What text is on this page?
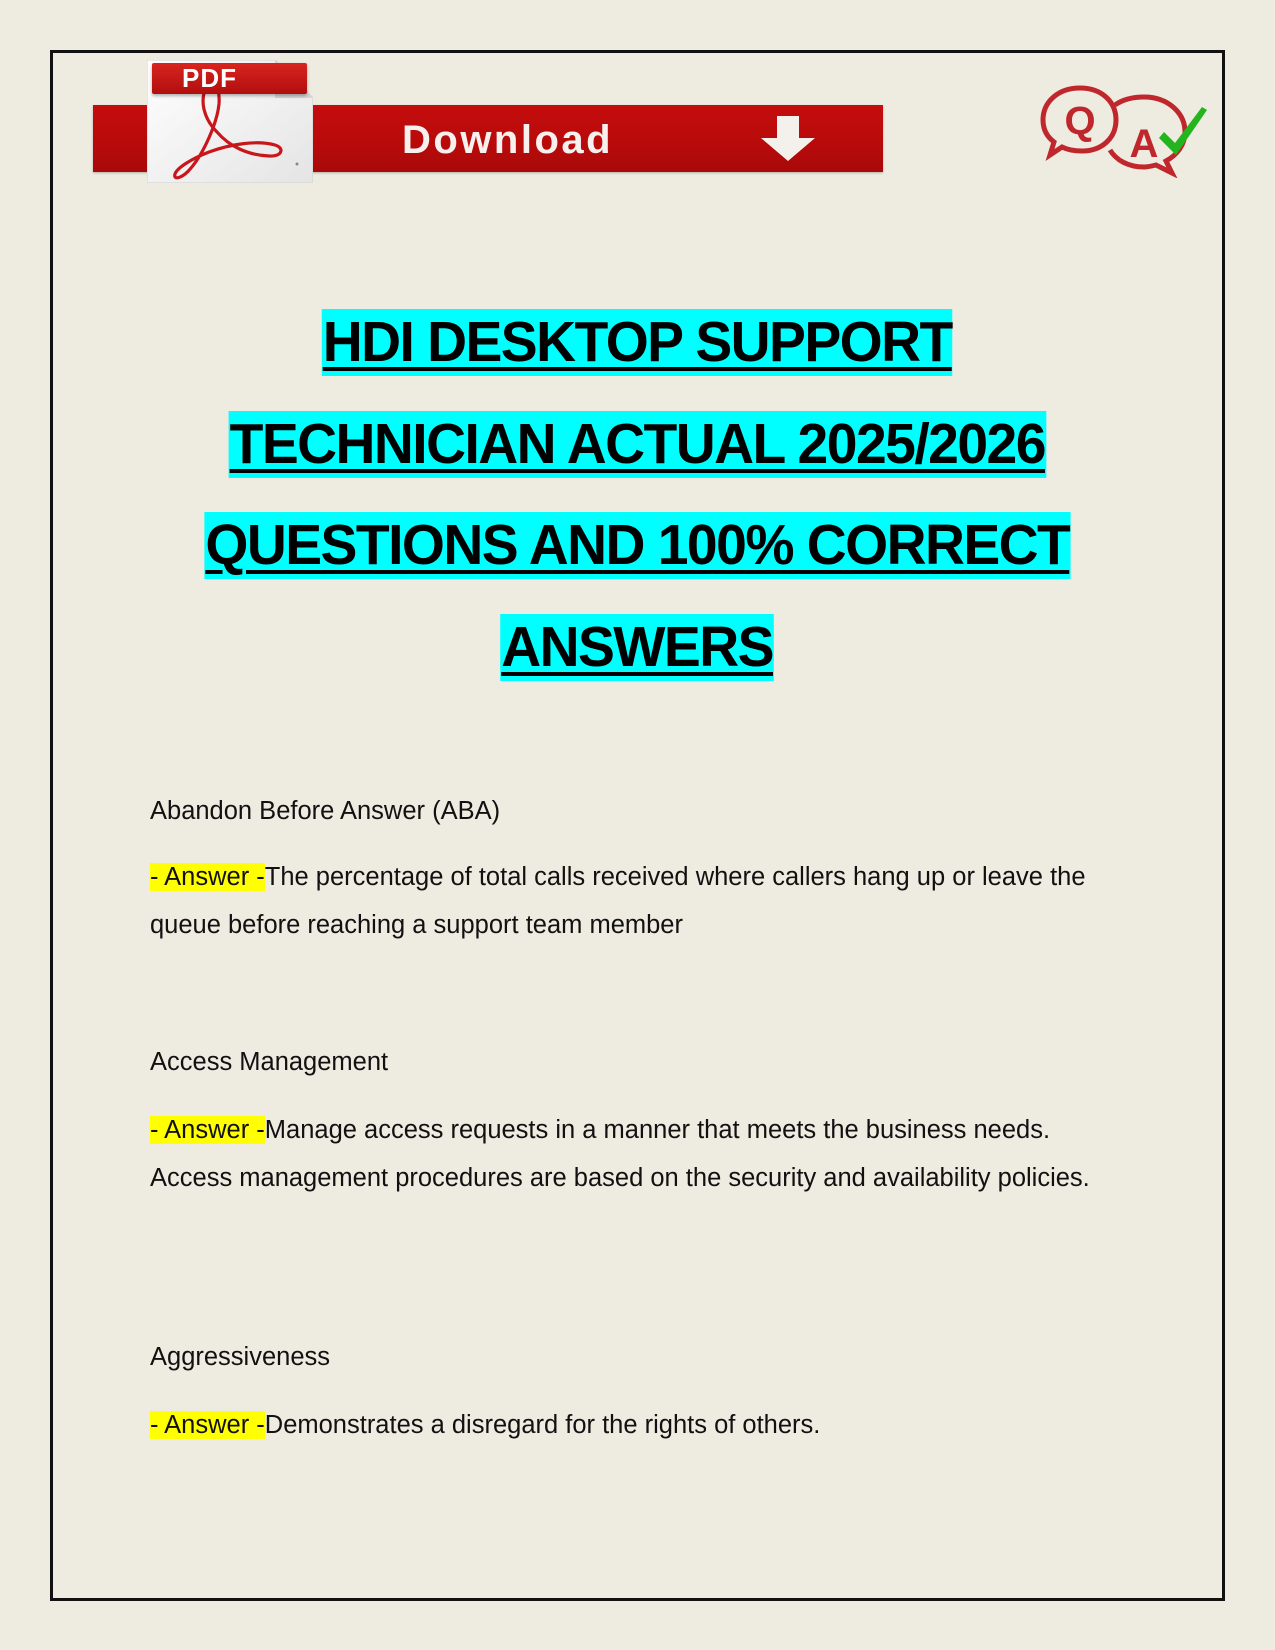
Download
PDF
Q
A
HDI DESKTOP SUPPORT
TECHNICIAN ACTUAL 2025/2026
QUESTIONS AND 100% CORRECT
ANSWERS
Abandon Before Answer (ABA)
- Answer -The percentage of total calls received where callers hang up or leave the queue before reaching a support team member
Access Management
- Answer -Manage access requests in a manner that meets the business needs. Access management procedures are based on the security and availability policies.
Aggressiveness
- Answer -Demonstrates a disregard for the rights of others.
